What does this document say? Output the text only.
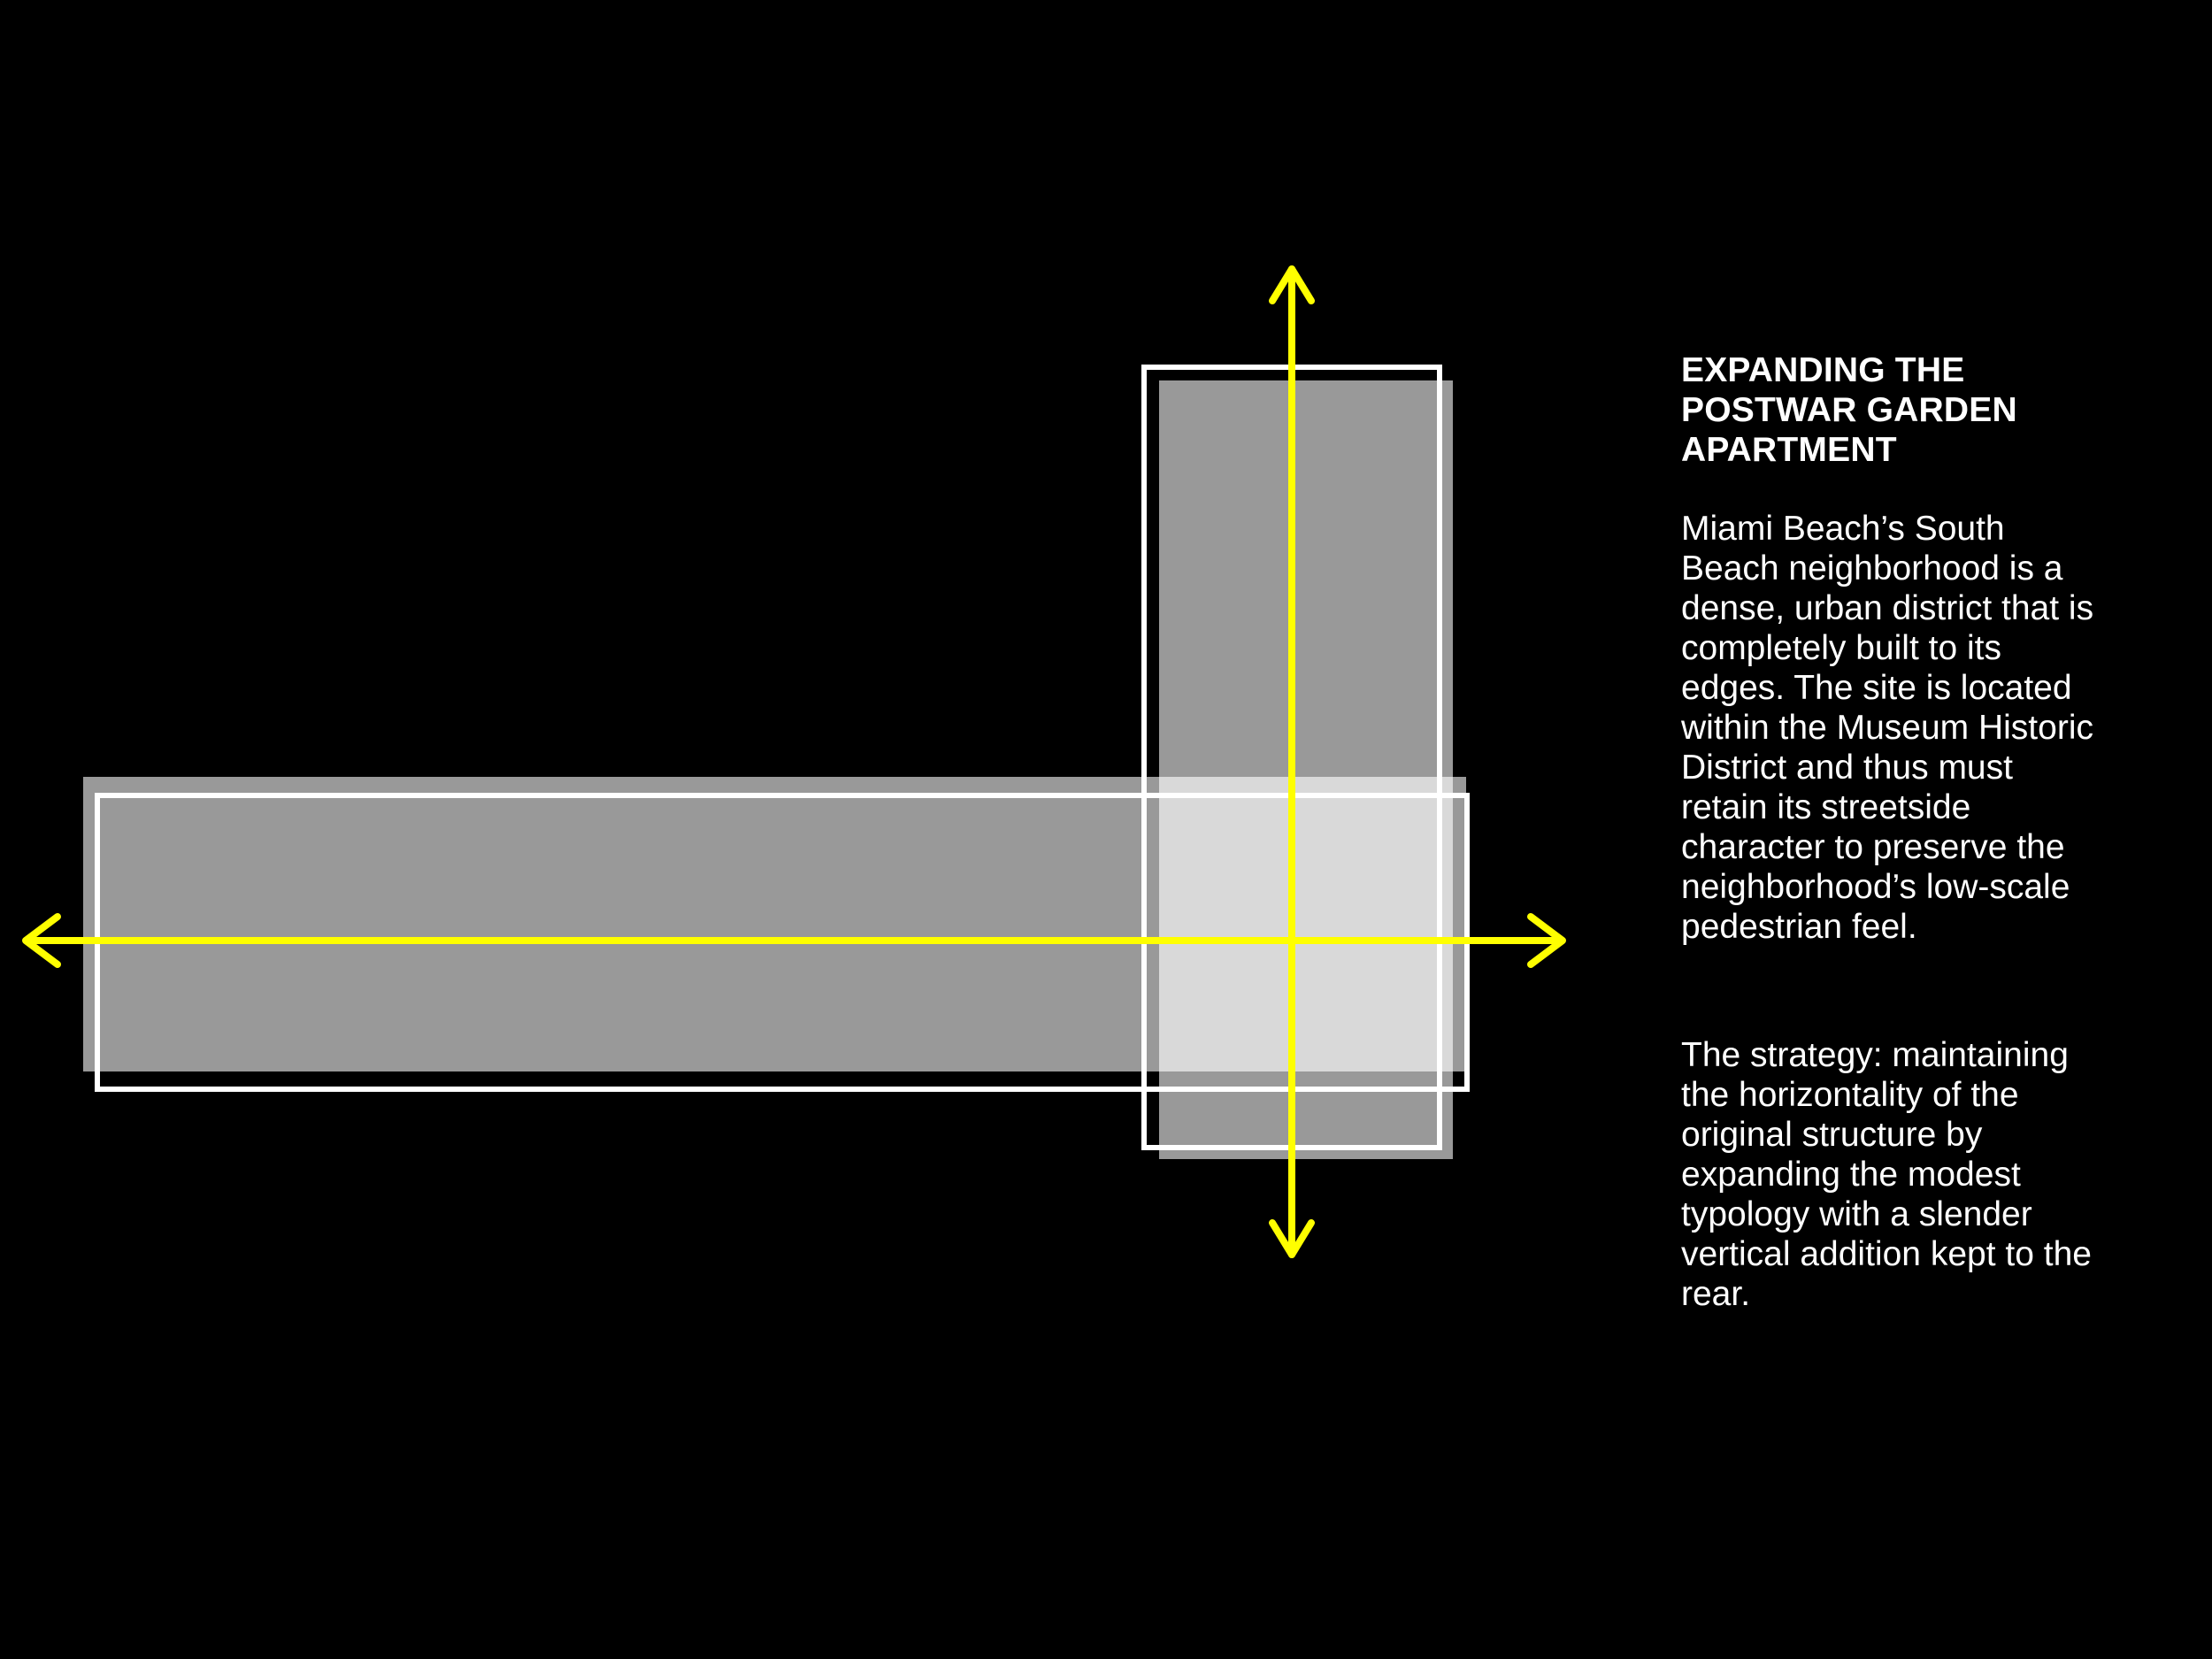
EXPANDING THE
POSTWAR GARDEN
APARTMENT

Miami Beach’s South
Beach neighborhood is a
dense, urban district that is
completely built to its
edges. The site is located
within the Museum Historic
District and thus must
retain its streetside
character to preserve the
neighborhood’s low-scale
pedestrian feel.

The strategy: maintaining
the horizontality of the
original structure by
expanding the modest
typology with a slender
vertical addition kept to the
rear.
